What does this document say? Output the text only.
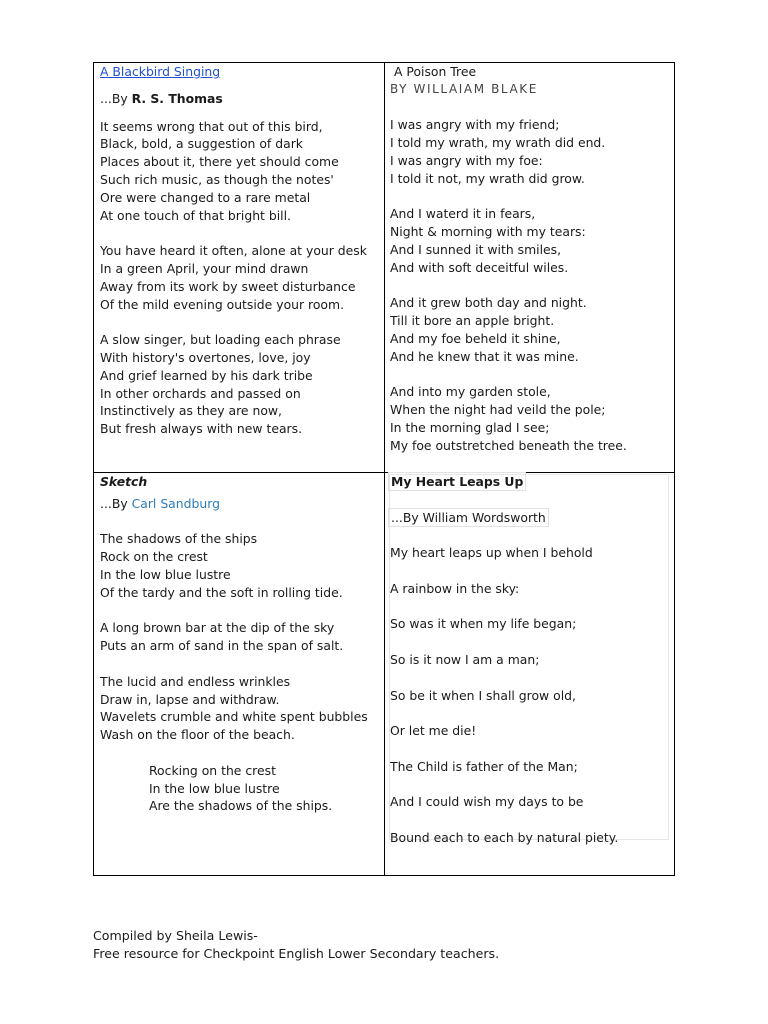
A Blackbird Singing
...By R. S. Thomas
It seems wrong that out of this bird,
Black, bold, a suggestion of dark
Places about it, there yet should come
Such rich music, as though the notes'
Ore were changed to a rare metal
At one touch of that bright bill.
You have heard it often, alone at your desk
In a green April, your mind drawn
Away from its work by sweet disturbance
Of the mild evening outside your room.
A slow singer, but loading each phrase
With history's overtones, love, joy
And grief learned by his dark tribe
In other orchards and passed on
Instinctively as they are now,
But fresh always with new tears.
A Poison Tree
BY WILLAIAM BLAKE
I was angry with my friend;
I told my wrath, my wrath did end.
I was angry with my foe:
I told it not, my wrath did grow.
And I waterd it in fears,
Night & morning with my tears:
And I sunned it with smiles,
And with soft deceitful wiles.
And it grew both day and night.
Till it bore an apple bright.
And my foe beheld it shine,
And he knew that it was mine.
And into my garden stole,
When the night had veild the pole;
In the morning glad I see;
My foe outstretched beneath the tree.
Sketch
...By Carl Sandburg
The shadows of the ships
Rock on the crest
In the low blue lustre
Of the tardy and the soft in rolling tide.
A long brown bar at the dip of the sky
Puts an arm of sand in the span of salt.
The lucid and endless wrinkles
Draw in, lapse and withdraw.
Wavelets crumble and white spent bubbles
Wash on the floor of the beach.
Rocking on the crest
In the low blue lustre
Are the shadows of the ships.
My Heart Leaps Up
...By William Wordsworth
My heart leaps up when I behold
A rainbow in the sky:
So was it when my life began;
So is it now I am a man;
So be it when I shall grow old,
Or let me die!
The Child is father of the Man;
And I could wish my days to be
Bound each to each by natural piety.
Compiled by Sheila Lewis-
Free resource for Checkpoint English Lower Secondary teachers.
